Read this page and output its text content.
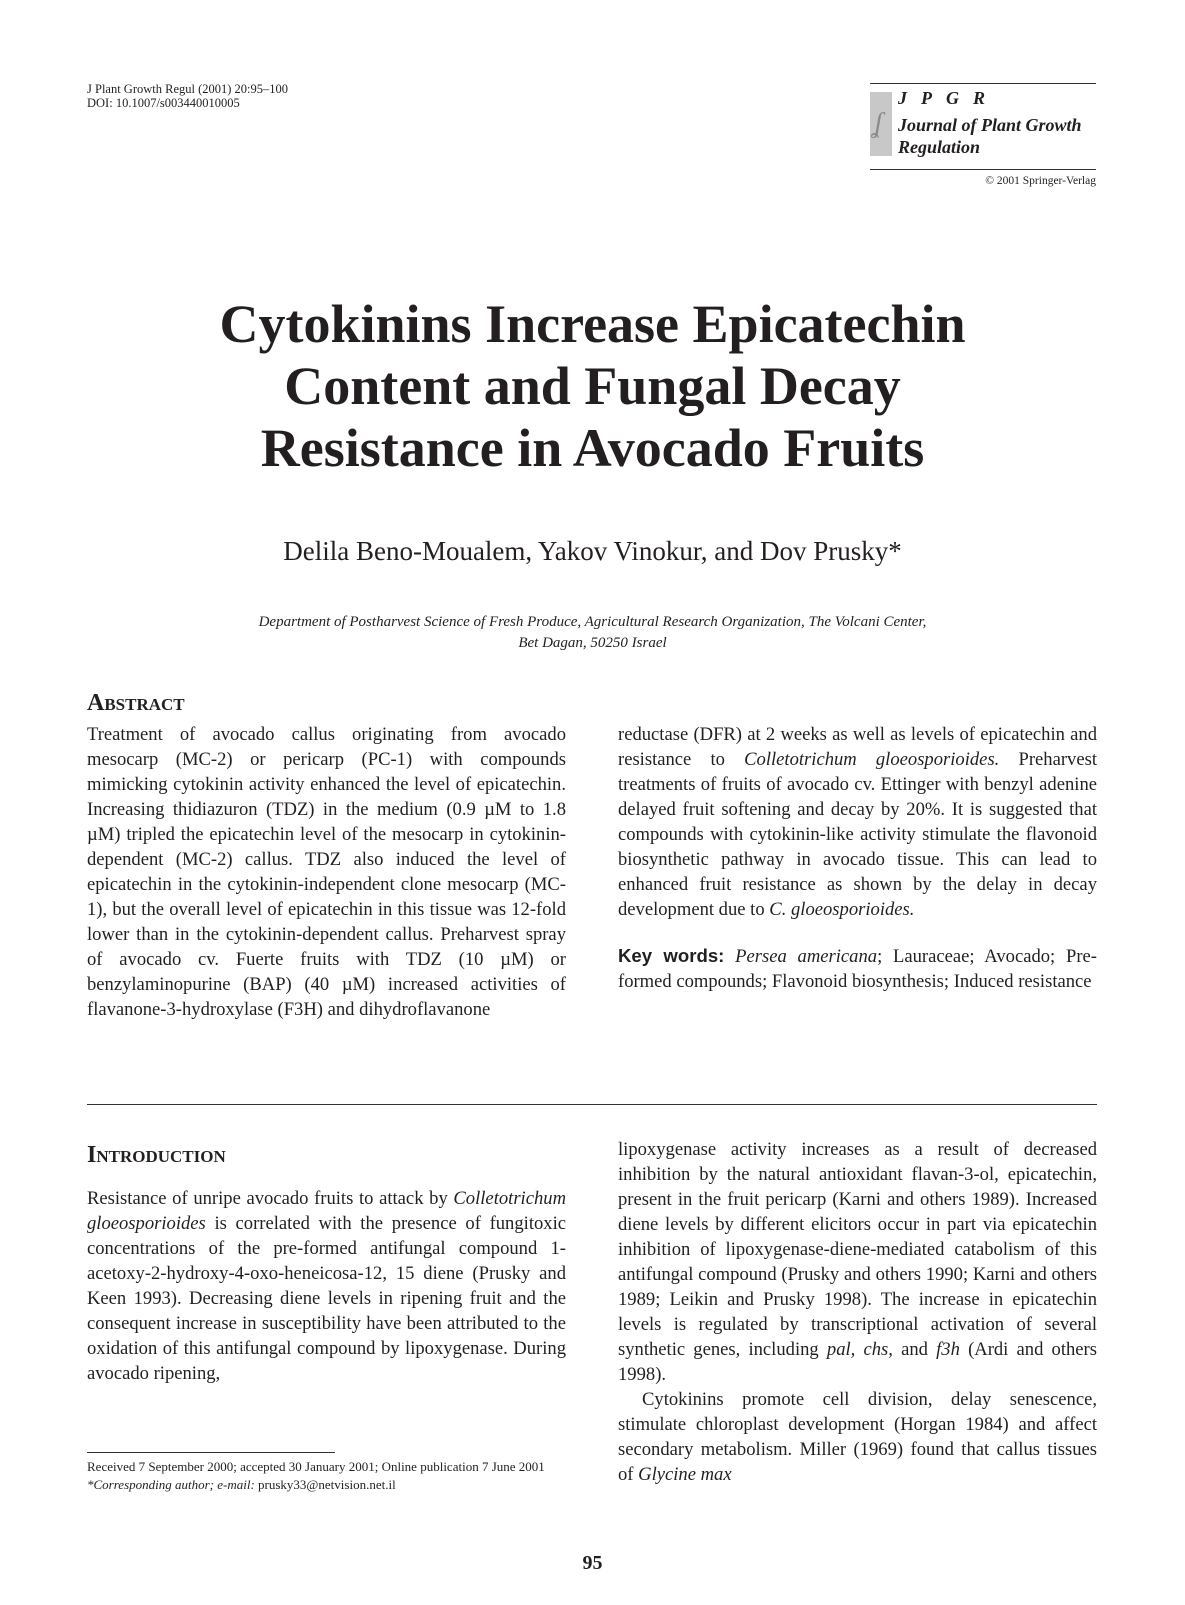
J Plant Growth Regul (2001) 20:95–100
DOI: 10.1007/s003440010005
ʆ
JPGR
Journal of Plant Growth
Regulation
© 2001 Springer-Verlag
Cytokinins Increase Epicatechin
Content and Fungal Decay
Resistance in Avocado Fruits
Delila Beno-Moualem, Yakov Vinokur, and Dov Prusky*
Department of Postharvest Science of Fresh Produce, Agricultural Research Organization, The Volcani Center,
Bet Dagan, 50250 Israel
Abstract

Treatment of avocado callus originating from avocado mesocarp (MC-2) or pericarp (PC-1) with compounds mimicking cytokinin activity enhanced the level of epicatechin. Increasing thidiazuron (TDZ) in the medium (0.9 µM to 1.8 µM) tripled the epicatechin level of the mesocarp in cytokinin-dependent (MC-2) callus. TDZ also induced the level of epicatechin in the cytokinin-independent clone mesocarp (MC-1), but the overall level of epicatechin in this tissue was 12-fold lower than in the cytokinin-dependent callus. Preharvest spray of avocado cv. Fuerte fruits with TDZ (10 µM) or benzylaminopurine (BAP) (40 µM) increased activities of flavanone-3-hydroxylase (F3H) and dihydroflavanone

reductase (DFR) at 2 weeks as well as levels of epicatechin and resistance to Colletotrichum gloeosporioides. Preharvest treatments of fruits of avocado cv. Ettinger with benzyl adenine delayed fruit softening and decay by 20%. It is suggested that compounds with cytokinin-like activity stimulate the flavonoid biosynthetic pathway in avocado tissue. This can lead to enhanced fruit resistance as shown by the delay in decay development due to C. gloeosporioides.

Key words: Persea americana; Lauraceae; Avocado; Pre-formed compounds; Flavonoid biosynthesis; Induced resistance

Introduction

Resistance of unripe avocado fruits to attack by Colletotrichum gloeosporioides is correlated with the presence of fungitoxic concentrations of the pre-formed antifungal compound 1-acetoxy-2-hydroxy-4-oxo-heneicosa-12, 15 diene (Prusky and Keen 1993). Decreasing diene levels in ripening fruit and the consequent increase in susceptibility have been attributed to the oxidation of this antifungal compound by lipoxygenase. During avocado ripening,

lipoxygenase activity increases as a result of decreased inhibition by the natural antioxidant flavan-3-ol, epicatechin, present in the fruit pericarp (Karni and others 1989). Increased diene levels by different elicitors occur in part via epicatechin inhibition of lipoxygenase-diene-mediated catabolism of this antifungal compound (Prusky and others 1990; Karni and others 1989; Leikin and Prusky 1998). The increase in epicatechin levels is regulated by transcriptional activation of several synthetic genes, including pal, chs, and f3h (Ardi and others 1998).

Cytokinins promote cell division, delay senescence, stimulate chloroplast development (Horgan 1984) and affect secondary metabolism. Miller (1969) found that callus tissues of Glycine max

Received 7 September 2000; accepted 30 January 2001; Online publication 7 June 2001
*Corresponding author; e-mail: prusky33@netvision.net.il
95
